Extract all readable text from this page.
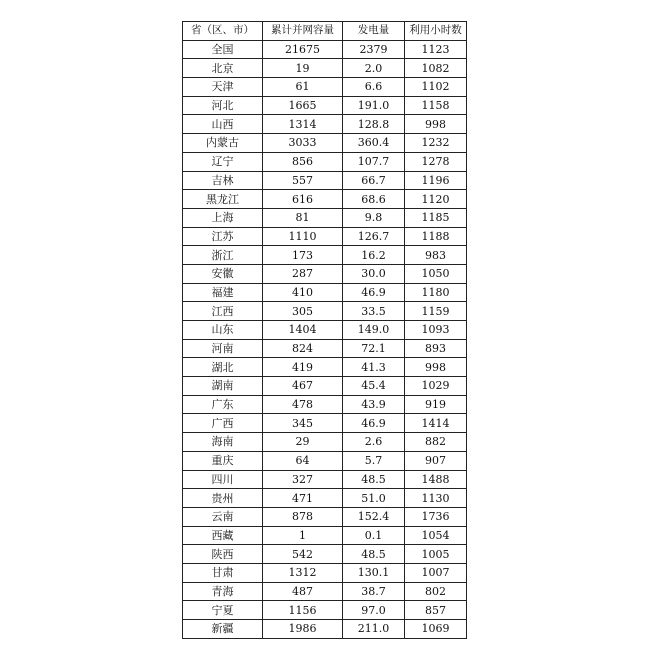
省（区、市）	累计并网容量	发电量	利用小时数
全国	21675	2379	1123
北京	19	2.0	1082
天津	61	6.6	1102
河北	1665	191.0	1158
山西	1314	128.8	998
内蒙古	3033	360.4	1232
辽宁	856	107.7	1278
吉林	557	66.7	1196
黑龙江	616	68.6	1120
上海	81	9.8	1185
江苏	1110	126.7	1188
浙江	173	16.2	983
安徽	287	30.0	1050
福建	410	46.9	1180
江西	305	33.5	1159
山东	1404	149.0	1093
河南	824	72.1	893
湖北	419	41.3	998
湖南	467	45.4	1029
广东	478	43.9	919
广西	345	46.9	1414
海南	29	2.6	882
重庆	64	5.7	907
四川	327	48.5	1488
贵州	471	51.0	1130
云南	878	152.4	1736
西藏	1	0.1	1054
陕西	542	48.5	1005
甘肃	1312	130.1	1007
青海	487	38.7	802
宁夏	1156	97.0	857
新疆	1986	211.0	1069
